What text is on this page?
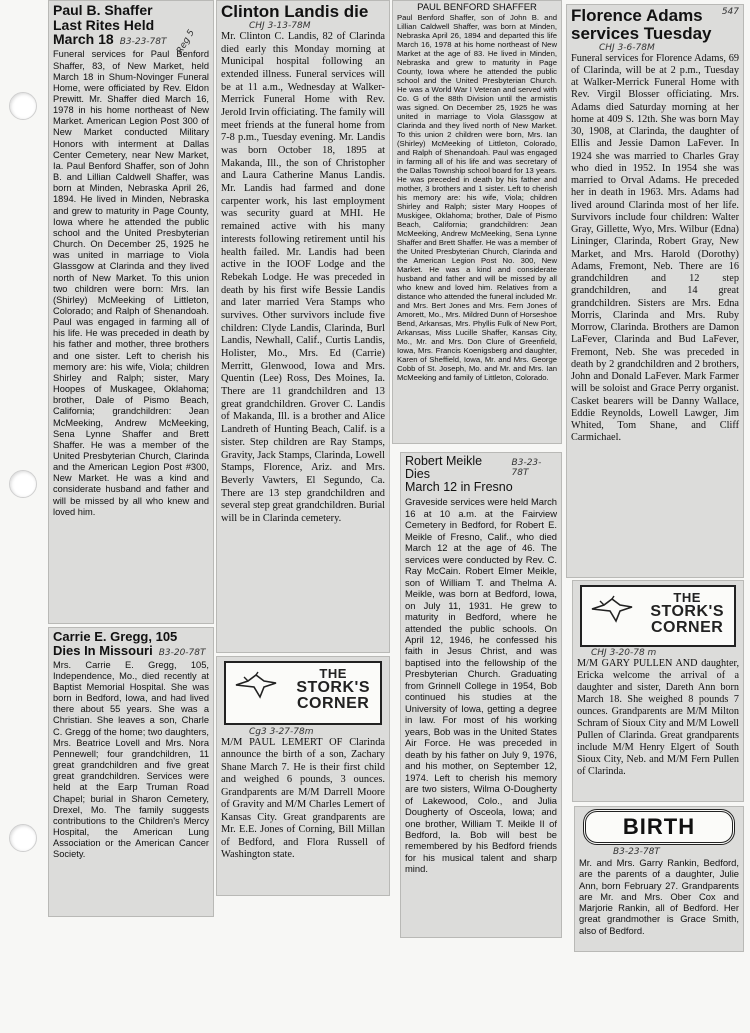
Paul B. Shaffer
Last Rites Held
March 18 B3-23-78T Reg 5
Funeral services for Paul Benford Shaffer, 83, of New Market, held March 18 in Shum-Novinger Funeral Home, were officiated by Rev. Eldon Prewitt. Mr. Shaffer died March 16, 1978 in his home northeast of New Market. American Legion Post 300 of New Market conducted Military Honors with interment at Dallas Center Cemetery, near New Market, Ia. Paul Benford Shaffer, son of John B. and Lillian Caldwell Shaffer, was born at Minden, Nebraska April 26, 1894. He lived in Minden, Nebraska and grew to maturity in Page County, Iowa where he attended the public school and the United Presbyterian Church. On December 25, 1925 he was united in marriage to Viola Glassgow at Clarinda and they lived north of New Market. To this union two children were born: Mrs. Ian (Shirley) McMeeking of Littleton, Colorado; and Ralph of Shenandoah. Paul was engaged in farming all of his life. He was preceded in death by his father and mother, three brothers and one sister. Left to cherish his memory are: his wife, Viola; children Shirley and Ralph; sister, Mary Hoopes of Muskagee, Oklahoma; brother, Dale of Pismo Beach, California; grandchildren: Jean McMeeking, Andrew McMeeking, Sena Lynne Shaffer and Brett Shaffer. He was a member of the United Presbyterian Church, Clarinda and the American Legion Post #300, New Market. He was a kind and considerate husband and father and will be missed by all who knew and loved him.
Carrie E. Gregg, 105
Dies In Missouri B3-20-78T
Mrs. Carrie E. Gregg, 105, Independence, Mo., died recently at Baptist Memorial Hospital. She was born in Bedford, Iowa, and had lived there about 55 years. She was a Christian. She leaves a son, Charle C. Gregg of the home; two daughters, Mrs. Beatrice Lovell and Mrs. Nora Pennewell; four grandchildren, 11 great grandchildren and five great great grandchildren. Services were held at the Earp Truman Road Chapel; burial in Sharon Cemetery, Drexel, Mo. The family suggests contributions to the Children's Mercy Hospital, the American Lung Association or the American Cancer Society.
Clinton Landis die
CHJ 3-13-78M
Mr. Clinton C. Landis, 82 of Clarinda died early this Monday morning at Municipal hospital following an extended illness. Funeral services will be at 11 a.m., Wednesday at Walker-Merrick Funeral Home with Rev. Jerold Irvin officiating. The family will meet friends at the funeral home from 7-8 p.m., Tuesday evening. Mr. Landis was born October 18, 1895 at Makanda, Ill., the son of Christopher and Laura Catherine Manus Landis. Mr. Landis had farmed and done carpenter work, his last employment was security guard at MHI. He remained active with his many interests following retirement until his health failed. Mr. Landis had been active in the IOOF Lodge and the Rebekah Lodge. He was preceded in death by his first wife Bessie Landis and later married Vera Stamps who survives. Other survivors include five children: Clyde Landis, Clarinda, Burl Landis, Newhall, Calif., Curtis Landis, Holister, Mo., Mrs. Ed (Carrie) Merritt, Glenwood, Iowa and Mrs. Quentin (Lee) Ross, Des Moines, Ia. There are 11 grandchildren and 13 great grandchildren. Grover C. Landis of Makanda, Ill. is a brother and Alice Landreth of Hunting Beach, Calif. is a sister. Step children are Ray Stamps, Gravity, Jack Stamps, Clarinda, Lowell Stamps, Florence, Ariz. and Mrs. Beverly Vawters, El Segundo, Ca. There are 13 step grandchildren and several step great grandchildren. Burial will be in Clarinda cemetery.
THE
STORK'S
CORNER
Cg3 3-27-78m
M/M PAUL LEMERT OF Clarinda announce the birth of a son, Zachary Shane March 7. He is their first child and weighed 6 pounds, 3 ounces. Grandparents are M/M Darrell Moore of Gravity and M/M Charles Lemert of Kansas City. Great grandparents are Mr. E.E. Jones of Corning, Bill Millan of Bedford, and Flora Russell of Washington state.
PAUL BENFORD SHAFFER
Paul Benford Shaffer, son of John B. and Lillian Caldwell Shaffer, was born at Minden, Nebraska April 26, 1894 and departed this life March 16, 1978 at his home northeast of New Market at the age of 83. He lived in Minden, Nebraska and grew to maturity in Page County, Iowa where he attended the public school and the United Presbyterian Church. He was a World War I Veteran and served with Co. G of the 88th Division until the armistis was signed. On December 25, 1925 he was united in marriage to Viola Glassgow at Clarinda and they lived north of New Market. To this union 2 children were born, Mrs. Ian (Shirley) McMeeking of Littleton, Colorado, and Ralph of Shenandoah. Paul was engaged in farming all of his life and was secretary of the Dallas Township school board for 13 years. He was preceded in death by his father and mother, 3 brothers and 1 sister. Left to cherish his memory are: his wife, Viola; children Shirley and Ralph; sister Mary Hoopes of Muskigee, Oklahoma; brother, Dale of Pismo Beach, California; grandchildren: Jean McMeeking, Andrew McMeeking, Sena Lynne Shaffer and Brett Shaffer. He was a member of the United Presbyterian Church, Clarinda and the American Legion Post No. 300, New Market. He was a kind and considerate husband and father and will be missed by all who knew and loved him. Relatives from a distance who attended the funeral included Mr. and Mrs. Bert Jones and Mrs. Fern Jones of Amorett, Mo., Mrs. Mildred Dunn of Horseshoe Bend, Arkansas, Mrs. Phyllis Fulk of New Port, Arkansas, Miss Lucille Shaffer, Kansas City, Mo., Mr. and Mrs. Don Clure of Greenfield, Iowa, Mrs. Francis Koenigsberg and daughter, Karen of Sheffield, Iowa, Mr. and Mrs. George Cobb of St. Joseph, Mo. and Mr. and Mrs. Ian McMeeking and family of Littleton, Colorado.
Robert Meikle Dies
B3-23-78T
March 12 in Fresno
Graveside services were held March 16 at 10 a.m. at the Fairview Cemetery in Bedford, for Robert E. Meikle of Fresno, Calif., who died March 12 at the age of 46. The services were conducted by Rev. C. Ray McCain. Robert Elmer Meikle, son of William T. and Thelma A. Meikle, was born at Bedford, Iowa, on July 11, 1931. He grew to maturity in Bedford, where he attended the public schools. On April 12, 1946, he confessed his faith in Jesus Christ, and was baptised into the fellowship of the Presbyterian Church. Graduating from Grinnell College in 1954, Bob continued his studies at the University of Iowa, getting a degree in law. For most of his working years, Bob was in the United States Air Force. He was preceded in death by his father on July 9, 1976, and his mother, on September 12, 1974. Left to cherish his memory are two sisters, Wilma O-Dougherty of Lakewood, Colo., and Julia Dougherty of Osceola, Iowa; and one brother, William T. Meikle II of Bedford, Ia. Bob will best be remembered by his Bedford friends for his musical talent and sharp mind.
Florence Adams 547
services Tuesday
CHJ 3-6-78M
Funeral services for Florence Adams, 69 of Clarinda, will be at 2 p.m., Tuesday at Walker-Merrick Funeral Home with Rev. Virgil Blosser officiating. Mrs. Adams died Saturday morning at her home at 409 S. 12th. She was born May 30, 1908, at Clarinda, the daughter of Ellis and Jessie Damon LaFever. In 1924 she was married to Charles Gray who died in 1952. In 1954 she was married to Orval Adams. He preceded her in death in 1963. Mrs. Adams had lived around Clarinda most of her life. Survivors include four children: Walter Gray, Gillette, Wyo, Mrs. Wilbur (Edna) Lininger, Clarinda, Robert Gray, New Market, and Mrs. Harold (Dorothy) Adams, Fremont, Neb. There are 16 grandchildren and 12 step grandchildren, and 14 great grandchildren. Sisters are Mrs. Edna Morris, Clarinda and Mrs. Ruby Morrow, Clarinda. Brothers are Damon LaFever, Clarinda and Bud LaFever, Fremont, Neb. She was preceded in death by 2 grandchildren and 2 brothers, John and Donald LaFever. Mark Farmer will be soloist and Grace Perry organist. Casket bearers will be Danny Wallace, Eddie Reynolds, Lowell Lawger, Jim Whited, Tom Shane, and Cliff Carmichael.
THE
STORK'S
CORNER
CHJ 3-20-78 m
M/M GARY PULLEN AND daughter, Ericka welcome the arrival of a daughter and sister, Dareth Ann born March 18. She weighed 8 pounds 7 ounces. Grandparents are M/M Milton Schram of Sioux City and M/M Lowell Pullen of Clarinda. Great grandparents include M/M Henry Elgert of South Sioux City, Neb. and M/M Fern Pullen of Clarinda.
BIRTH
B3-23-78T
Mr. and Mrs. Garry Rankin, Bedford, are the parents of a daughter, Julie Ann, born February 27. Grandparents are Mr. and Mrs. Ober Cox and Marjorie Rankin, all of Bedford. Her great grandmother is Grace Smith, also of Bedford.
